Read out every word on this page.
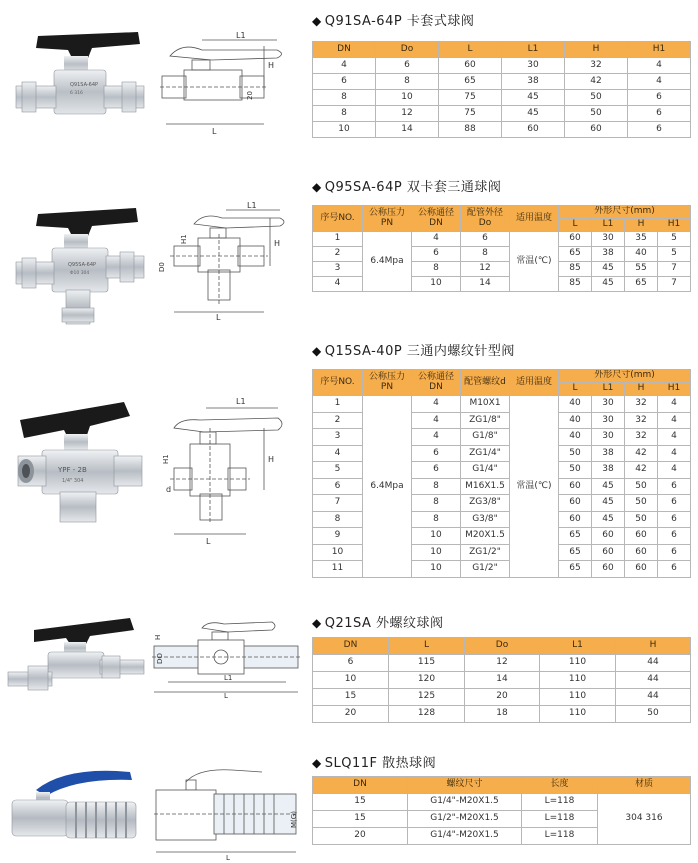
◆ Q91SA-64P 卡套式球阀
Q91SA-64P
6 316
L1
H
20
L
DN	Do	L	L1	H	H1
4	6	60	30	32	4
6	8	65	38	42	4
8	10	75	45	50	6
8	12	75	45	50	6
10	14	88	60	60	6
◆ Q95SA-64P 双卡套三通球阀
Q95SA-64P
Φ10 304
L1
H1	H
D0
L
序号NO.	公称压力PN	公称通径DN	配管外径Do	适用温度	外形尺寸(mm)			
					L	L1	H	H1
1	6.4Mpa	4	6	常温(℃)	60	30	35	5
2		6	8		65	38	40	5
3		8	12		85	45	55	7
4		10	14		85	45	65	7
◆ Q15SA-40P 三通内螺纹针型阀
YPF - 2B
1/4" 304
L1
H1	H
d
L
序号NO.	公称压力PN	公称通径DN	配管螺纹d	适用温度	外形尺寸(mm)			
					L	L1	H	H1
1	6.4Mpa	4	M10X1	常温(℃)	40	30	32	4
2		4	ZG1/8"		40	30	32	4
3		4	G1/8"		40	30	32	4
4		6	ZG1/4"		50	38	42	4
5		6	G1/4"		50	38	42	4
6		8	M16X1.5		60	45	50	6
7		8	ZG3/8"		60	45	50	6
8		8	G3/8"		60	45	50	6
9		10	M20X1.5		65	60	60	6
10		10	ZG1/2"		65	60	60	6
11		10	G1/2"		65	60	60	6
◆ Q21SA 外螺纹球阀
H
DO
L1
L
DN	L	Do	L1	H
6	115	12	110	44
10	120	14	110	44
15	125	20	110	44
20	128	18	110	50
◆ SLQ11F 散热球阀
M(G)
L
DN	螺纹尺寸	长度	材质
15	G1/4"-M20X1.5	L=118	304 316
15	G1/2"-M20X1.5	L=118	
20	G1/4"-M20X1.5	L=118	
